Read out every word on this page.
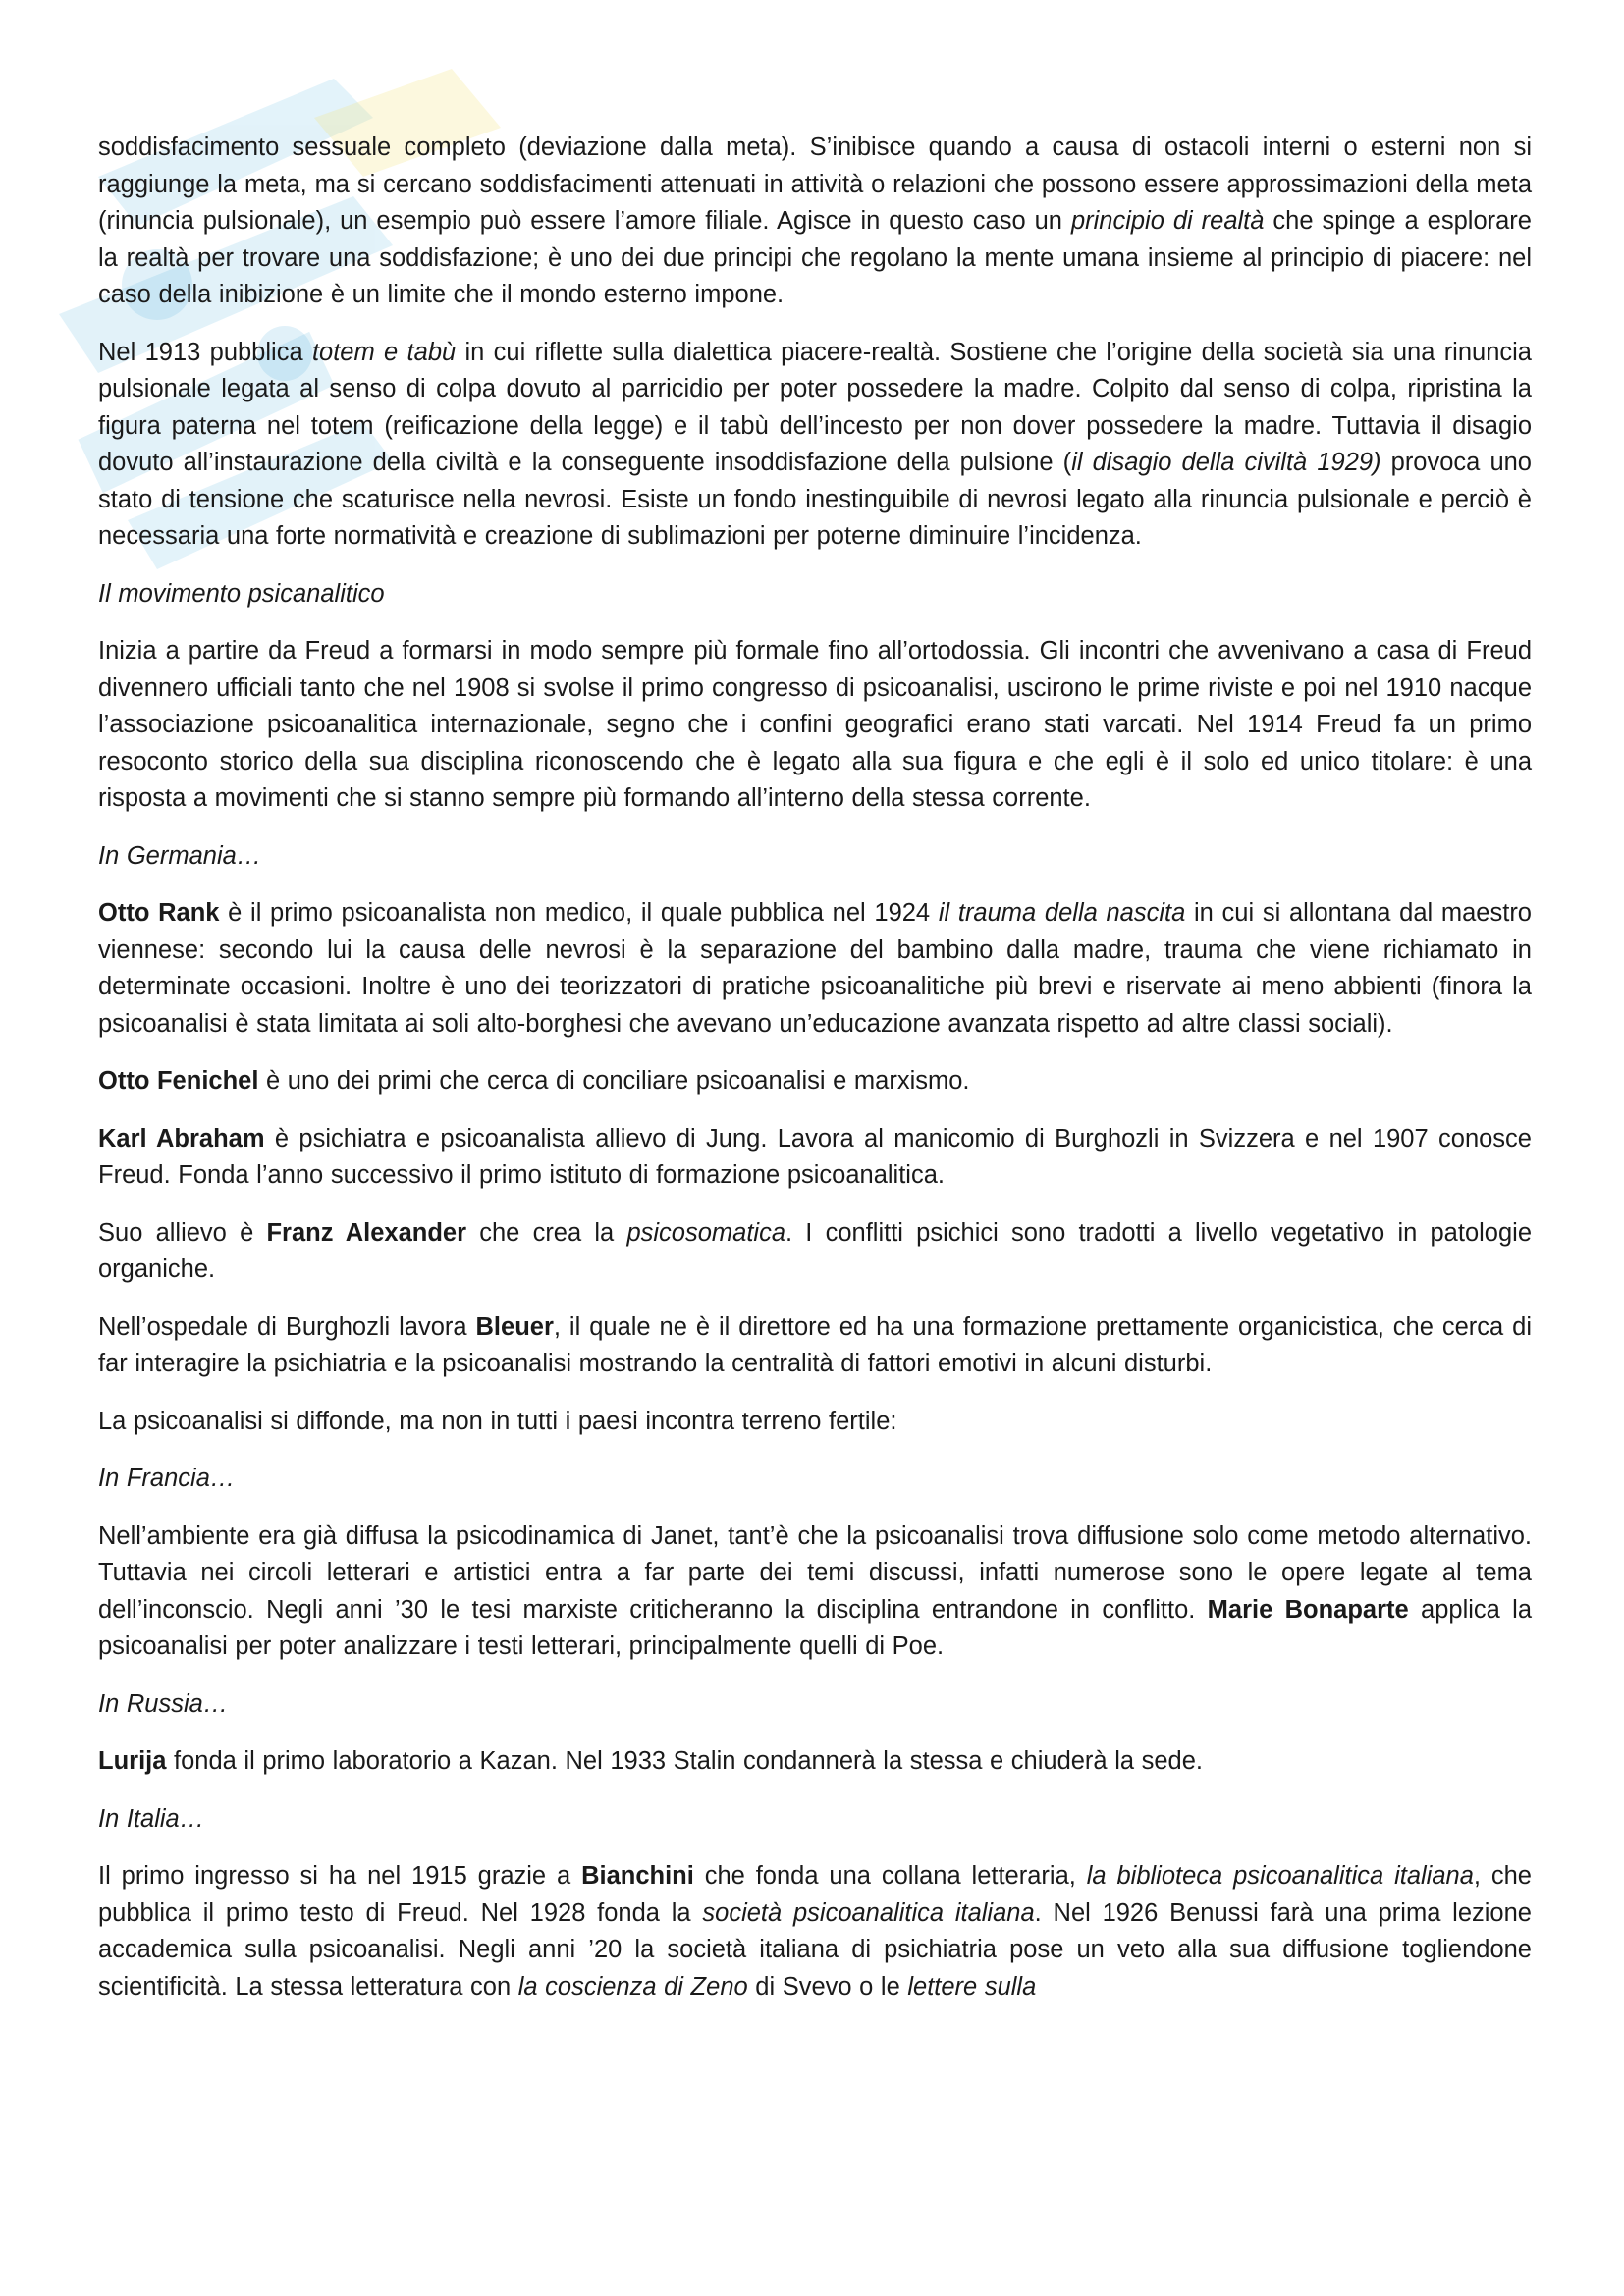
soddisfacimento sessuale completo (deviazione dalla meta). S’inibisce quando a causa di ostacoli interni o esterni non si raggiunge la meta, ma si cercano soddisfacimenti attenuati in attività o relazioni che possono essere approssimazioni della meta (rinuncia pulsionale), un esempio può essere l’amore filiale. Agisce in questo caso un principio di realtà che spinge a esplorare la realtà per trovare una soddisfazione; è uno dei due principi che regolano la mente umana insieme al principio di piacere: nel caso della inibizione è un limite che il mondo esterno impone.

Nel 1913 pubblica totem e tabù in cui riflette sulla dialettica piacere-realtà. Sostiene che l’origine della società sia una rinuncia pulsionale legata al senso di colpa dovuto al parricidio per poter possedere la madre. Colpito dal senso di colpa, ripristina la figura paterna nel totem (reificazione della legge) e il tabù dell’incesto per non dover possedere la madre. Tuttavia il disagio dovuto all’instaurazione della civiltà e la conseguente insoddisfazione della pulsione (il disagio della civiltà 1929) provoca uno stato di tensione che scaturisce nella nevrosi. Esiste un fondo inestinguibile di nevrosi legato alla rinuncia pulsionale e perciò è necessaria una forte normatività e creazione di sublimazioni per poterne diminuire l’incidenza.

Il movimento psicanalitico

Inizia a partire da Freud a formarsi in modo sempre più formale fino all’ortodossia. Gli incontri che avvenivano a casa di Freud divennero ufficiali tanto che nel 1908 si svolse il primo congresso di psicoanalisi, uscirono le prime riviste e poi nel 1910 nacque l’associazione psicoanalitica internazionale, segno che i confini geografici erano stati varcati. Nel 1914 Freud fa un primo resoconto storico della sua disciplina riconoscendo che è legato alla sua figura e che egli è il solo ed unico titolare: è una risposta a movimenti che si stanno sempre più formando all’interno della stessa corrente.

In Germania…

Otto Rank è il primo psicoanalista non medico, il quale pubblica nel 1924 il trauma della nascita in cui si allontana dal maestro viennese: secondo lui la causa delle nevrosi è la separazione del bambino dalla madre, trauma che viene richiamato in determinate occasioni. Inoltre è uno dei teorizzatori di pratiche psicoanalitiche più brevi e riservate ai meno abbienti (finora la psicoanalisi è stata limitata ai soli alto-borghesi che avevano un’educazione avanzata rispetto ad altre classi sociali).

Otto Fenichel è uno dei primi che cerca di conciliare psicoanalisi e marxismo.

Karl Abraham è psichiatra e psicoanalista allievo di Jung. Lavora al manicomio di Burghozli in Svizzera e nel 1907 conosce Freud. Fonda l’anno successivo il primo istituto di formazione psicoanalitica.

Suo allievo è Franz Alexander che crea la psicosomatica. I conflitti psichici sono tradotti a livello vegetativo in patologie organiche.

Nell’ospedale di Burghozli lavora Bleuer, il quale ne è il direttore ed ha una formazione prettamente organicistica, che cerca di far interagire la psichiatria e la psicoanalisi mostrando la centralità di fattori emotivi in alcuni disturbi.

La psicoanalisi si diffonde, ma non in tutti i paesi incontra terreno fertile:

In Francia…

Nell’ambiente era già diffusa la psicodinamica di Janet, tant’è che la psicoanalisi trova diffusione solo come metodo alternativo. Tuttavia nei circoli letterari e artistici entra a far parte dei temi discussi, infatti numerose sono le opere legate al tema dell’inconscio. Negli anni ’30 le tesi marxiste criticheranno la disciplina entrandone in conflitto. Marie Bonaparte applica la psicoanalisi per poter analizzare i testi letterari, principalmente quelli di Poe.

In Russia…

Lurija fonda il primo laboratorio a Kazan. Nel 1933 Stalin condannerà la stessa e chiuderà la sede.

In Italia…

Il primo ingresso si ha nel 1915 grazie a Bianchini che fonda una collana letteraria, la biblioteca psicoanalitica italiana, che pubblica il primo testo di Freud. Nel 1928 fonda la società psicoanalitica italiana. Nel 1926 Benussi farà una prima lezione accademica sulla psicoanalisi. Negli anni ’20 la società italiana di psichiatria pose un veto alla sua diffusione togliendone scientificità. La stessa letteratura con la coscienza di Zeno di Svevo o le lettere sulla
